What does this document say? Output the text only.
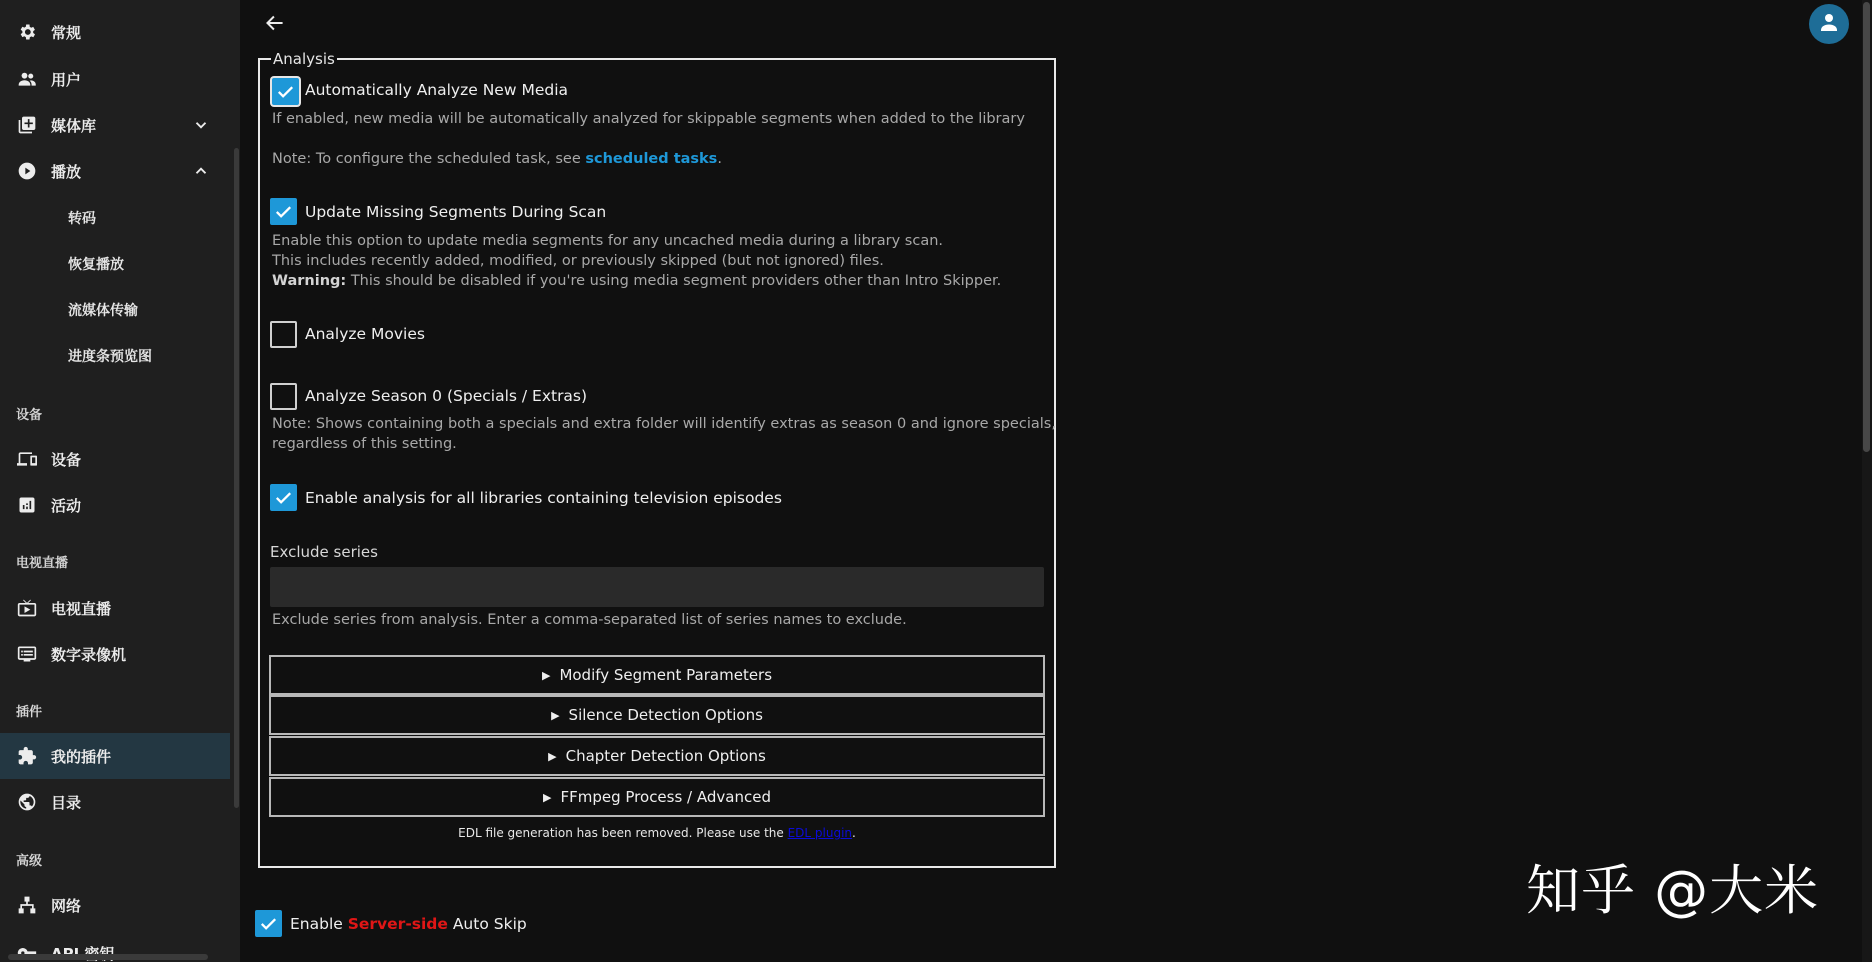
常规
用户
媒体库
播放
转码
恢复播放
流媒体传输
进度条预览图
设备
设备
活动
电视直播
电视直播
数字录像机
插件
我的插件
目录
高级
网络
Analysis
Automatically Analyze New Media
If enabled, new media will be automatically analyzed for skippable segments when added to the library
Note: To configure the scheduled task, see scheduled tasks.
Update Missing Segments During Scan
Enable this option to update media segments for any uncached media during a library scan.
This includes recently added, modified, or previously skipped (but not ignored) files.
Warning: This should be disabled if you're using media segment providers other than Intro Skipper.
Analyze Movies
Analyze Season 0 (Specials / Extras)
Note: Shows containing both a specials and extra folder will identify extras as season 0 and ignore specials,
regardless of this setting.
Enable analysis for all libraries containing television episodes
Exclude series
Exclude series from analysis. Enter a comma-separated list of series names to exclude.
▶ Modify Segment Parameters
▶ Silence Detection Options
▶ Chapter Detection Options
▶ FFmpeg Process / Advanced
EDL file generation has been removed. Please use the EDL plugin.
Enable Server-side Auto Skip
知乎 @大米
